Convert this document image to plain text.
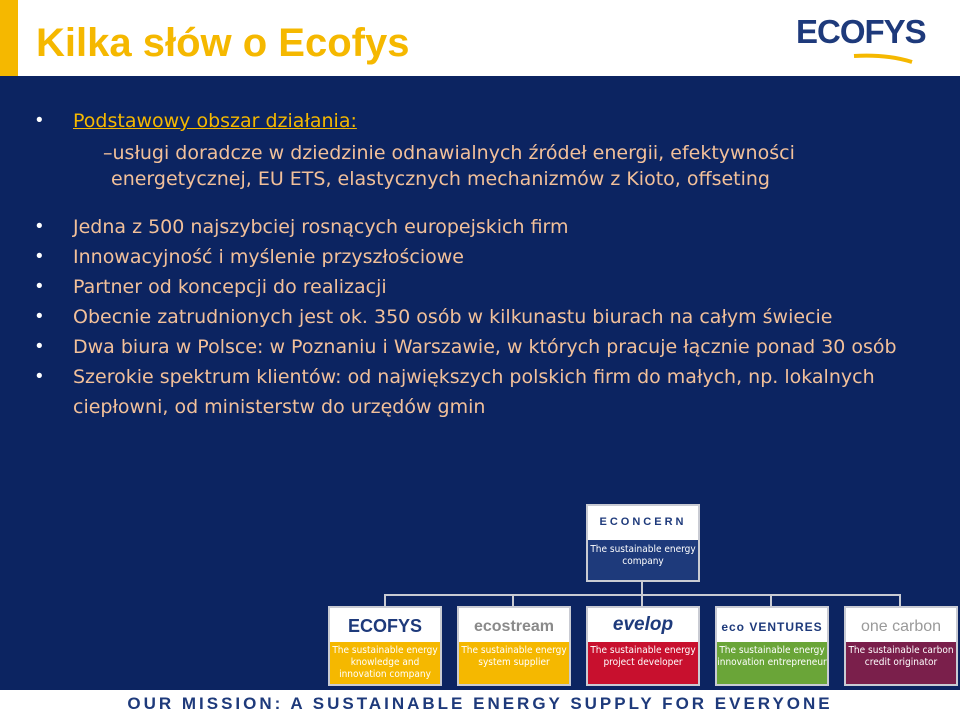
Kilka słów o Ecofys	ECOFYS
• Podstawowy obszar działania:
–usługi doradcze w dziedzinie odnawialnych źródeł energii, efektywności energetycznej, EU ETS, elastycznych mechanizmów z Kioto, offseting
• Jedna z 500 najszybciej rosnących europejskich firm
• Innowacyjność i myślenie przyszłościowe
• Partner od koncepcji do realizacji
• Obecnie zatrudnionych jest ok. 350 osób w kilkunastu biurach na całym świecie
• Dwa biura w Polsce: w Poznaniu i Warszawie, w których pracuje łącznie ponad 30 osób
• Szerokie spektrum klientów: od największych polskich firm do małych, np. lokalnych ciepłowni, od ministerstw do urzędów gmin
ECONCERN
The sustainable energy company
ECOFYS
The sustainable energy knowledge and innovation company
ecostream
The sustainable energy system supplier
evelop
The sustainable energy project developer
eco VENTURES
The sustainable energy innovation entrepreneur
one carbon
The sustainable carbon credit originator
OUR MISSION: A SUSTAINABLE ENERGY SUPPLY FOR EVERYONE
